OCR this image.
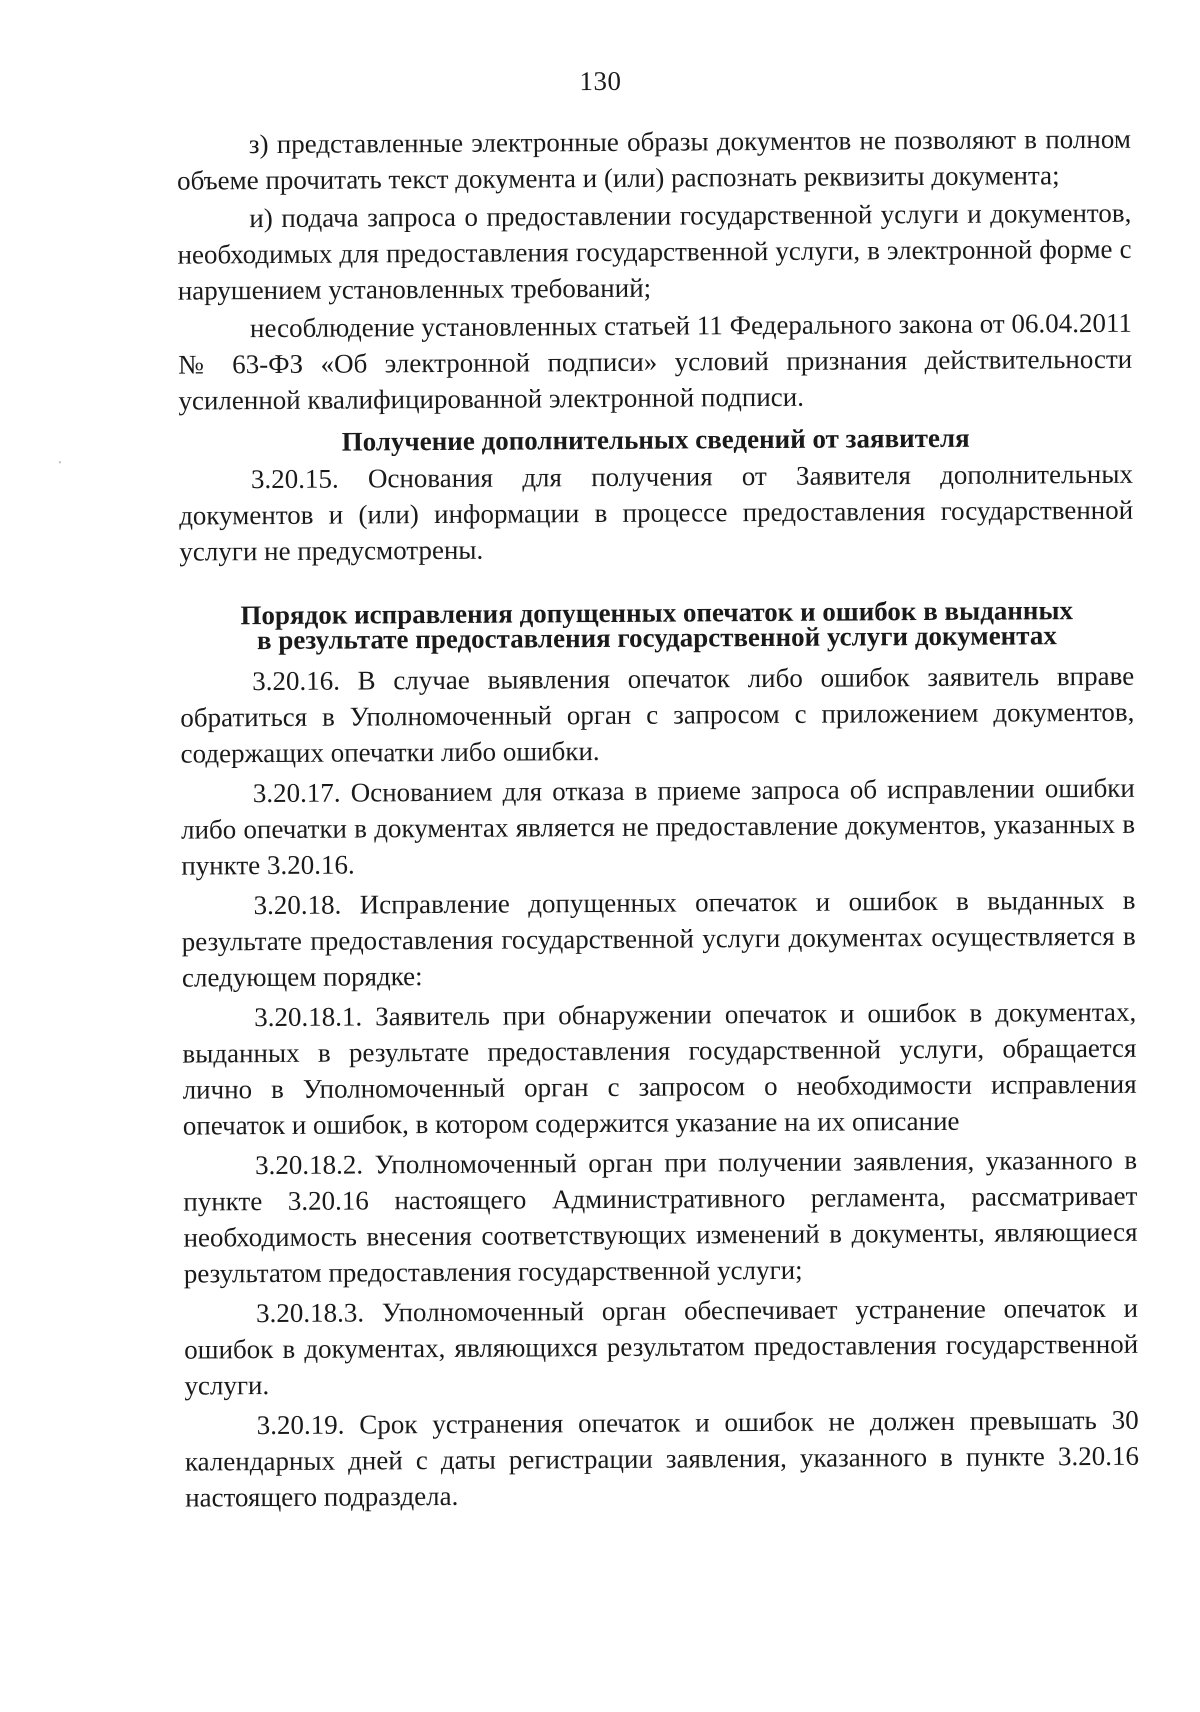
130

з) представленные электронные образы документов не позволяют в полном объеме прочитать текст документа и (или) распознать реквизиты документа;

и) подача запроса о предоставлении государственной услуги и документов, необходимых для предоставления государственной услуги, в электронной форме с нарушением установленных требований;

несоблюдение установленных статьей 11 Федерального закона от 06.04.2011 № 63-ФЗ «Об электронной подписи» условий признания действительности усиленной квалифицированной электронной подписи.

Получение дополнительных сведений от заявителя

3.20.15. Основания для получения от Заявителя дополнительных документов и (или) информации в процессе предоставления государственной услуги не предусмотрены.

Порядок исправления допущенных опечаток и ошибок в выданных
в результате предоставления государственной услуги документах

3.20.16. В случае выявления опечаток либо ошибок заявитель вправе обратиться в Уполномоченный орган с запросом с приложением документов, содержащих опечатки либо ошибки.

3.20.17. Основанием для отказа в приеме запроса об исправлении ошибки либо опечатки в документах является не предоставление документов, указанных в пункте 3.20.16.

3.20.18. Исправление допущенных опечаток и ошибок в выданных в результате предоставления государственной услуги документах осуществляется в следующем порядке:

3.20.18.1. Заявитель при обнаружении опечаток и ошибок в документах, выданных в результате предоставления государственной услуги, обращается лично в Уполномоченный орган с запросом о необходимости исправления опечаток и ошибок, в котором содержится указание на их описание

3.20.18.2. Уполномоченный орган при получении заявления, указанного в пункте 3.20.16 настоящего Административного регламента, рассматривает необходимость внесения соответствующих изменений в документы, являющиеся результатом предоставления государственной услуги;

3.20.18.3. Уполномоченный орган обеспечивает устранение опечаток и ошибок в документах, являющихся результатом предоставления государственной услуги.

3.20.19. Срок устранения опечаток и ошибок не должен превышать 30 календарных дней с даты регистрации заявления, указанного в пункте 3.20.16 настоящего подраздела.
